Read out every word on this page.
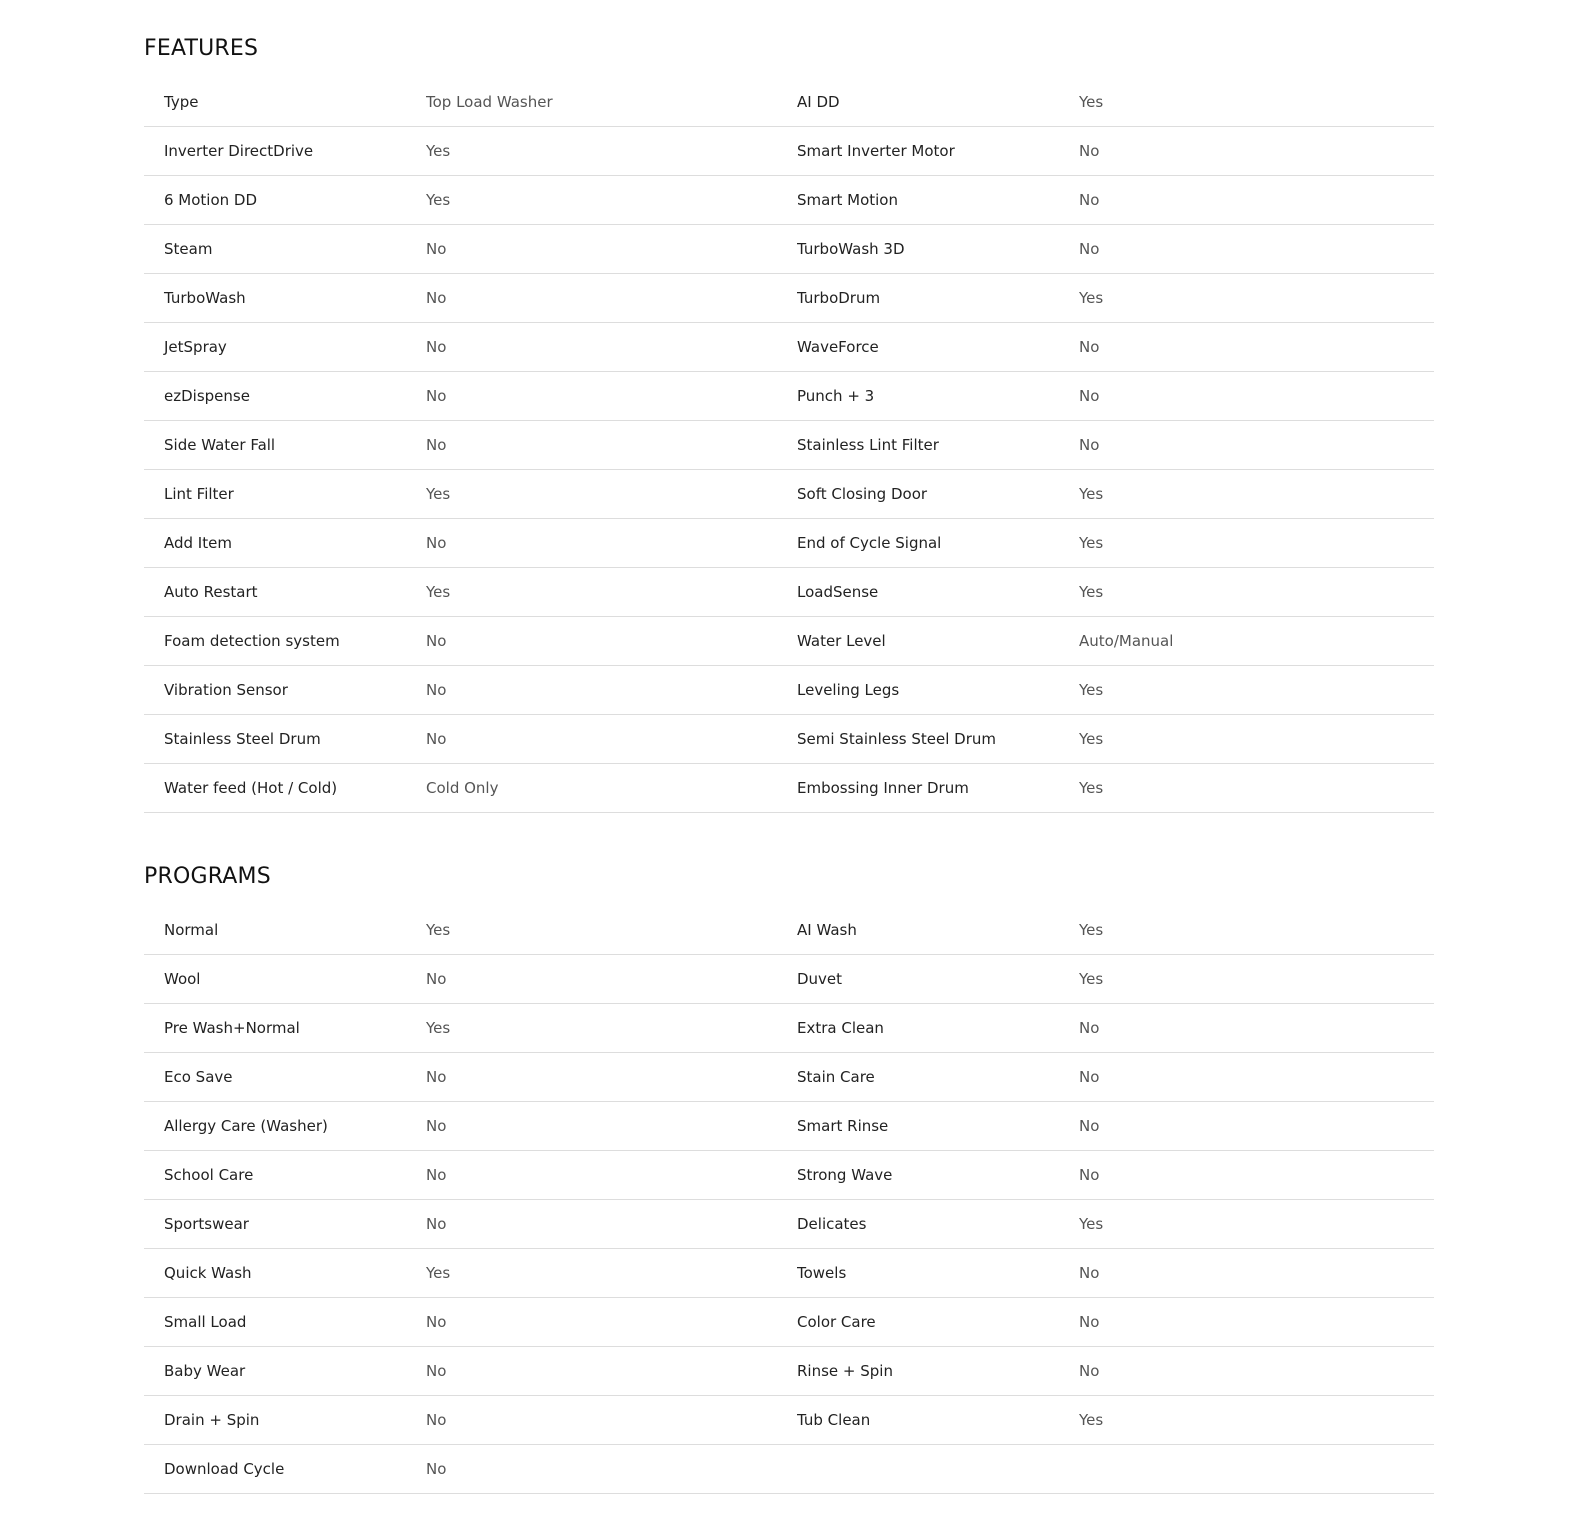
FEATURES
Type	Top Load Washer	AI DD	Yes
Inverter DirectDrive	Yes	Smart Inverter Motor	No
6 Motion DD	Yes	Smart Motion	No
Steam	No	TurboWash 3D	No
TurboWash	No	TurboDrum	Yes
JetSpray	No	WaveForce	No
ezDispense	No	Punch + 3	No
Side Water Fall	No	Stainless Lint Filter	No
Lint Filter	Yes	Soft Closing Door	Yes
Add Item	No	End of Cycle Signal	Yes
Auto Restart	Yes	LoadSense	Yes
Foam detection system	No	Water Level	Auto/Manual
Vibration Sensor	No	Leveling Legs	Yes
Stainless Steel Drum	No	Semi Stainless Steel Drum	Yes
Water feed (Hot / Cold)	Cold Only	Embossing Inner Drum	Yes
PROGRAMS
Normal	Yes	AI Wash	Yes
Wool	No	Duvet	Yes
Pre Wash+Normal	Yes	Extra Clean	No
Eco Save	No	Stain Care	No
Allergy Care (Washer)	No	Smart Rinse	No
School Care	No	Strong Wave	No
Sportswear	No	Delicates	Yes
Quick Wash	Yes	Towels	No
Small Load	No	Color Care	No
Baby Wear	No	Rinse + Spin	No
Drain + Spin	No	Tub Clean	Yes
Download Cycle	No
